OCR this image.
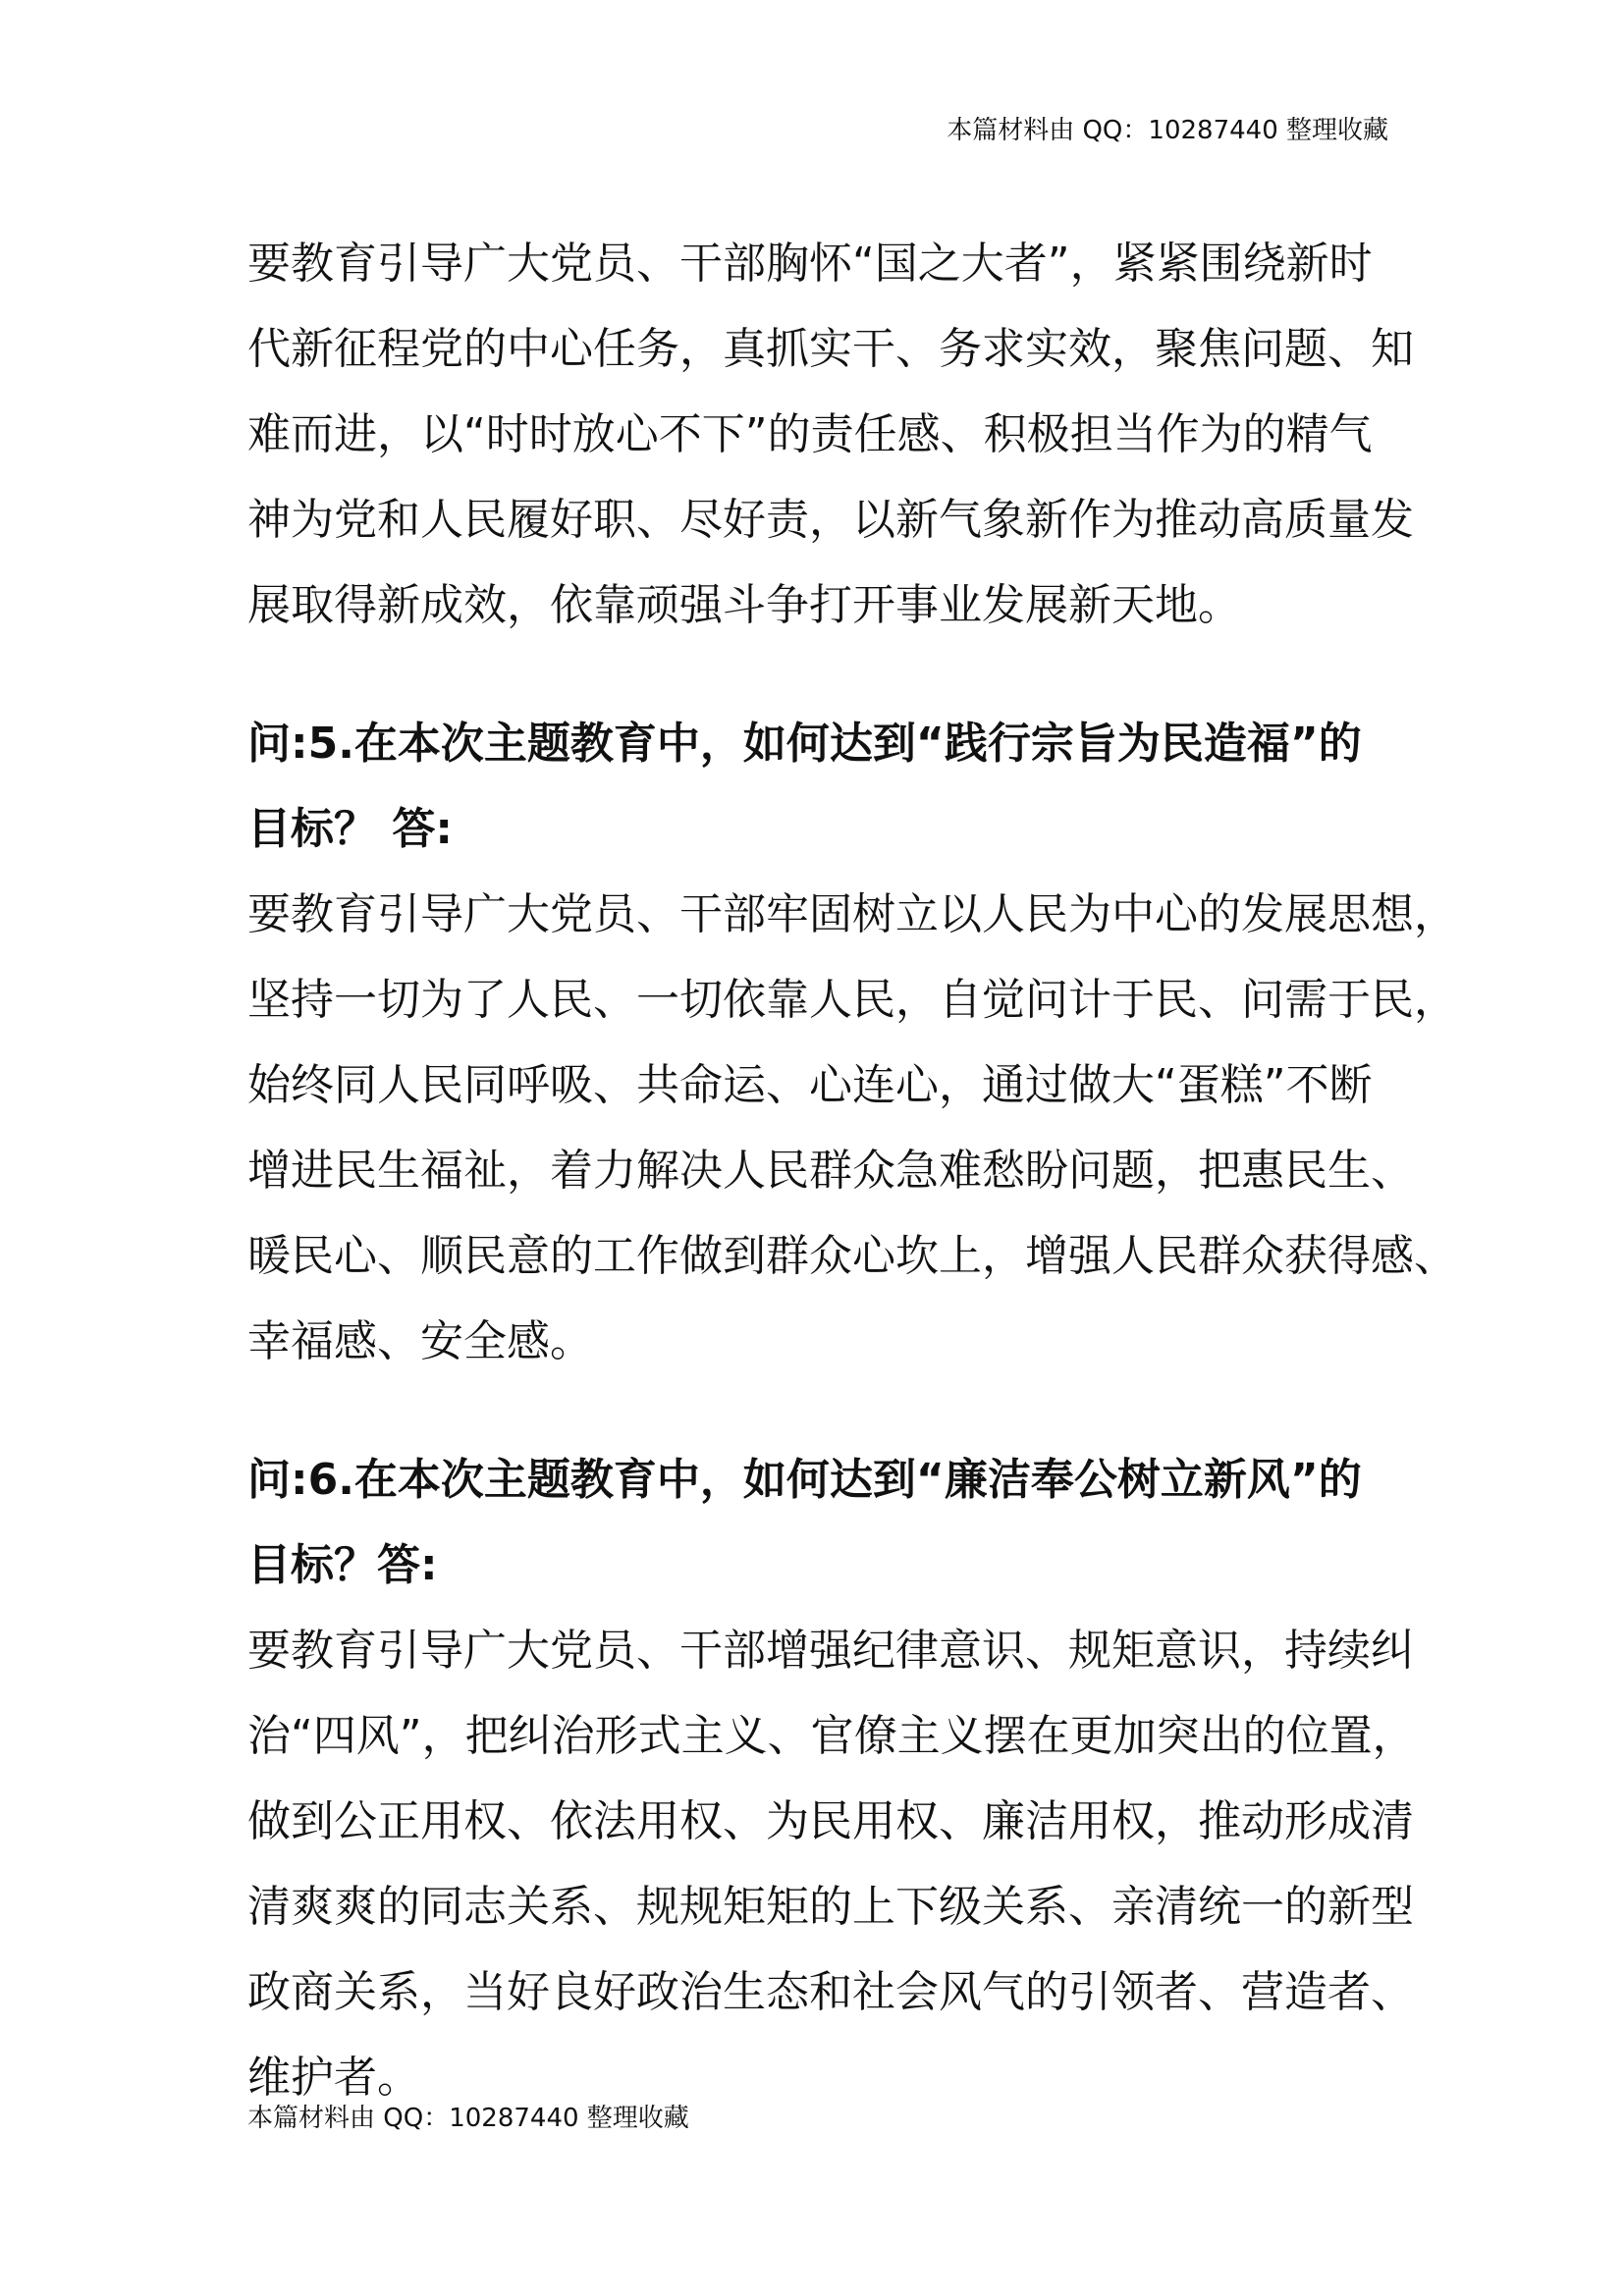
本篇材料由 QQ：10287440 整理收藏

要教育引导广大党员、干部胸怀“国之大者”，紧紧围绕新时

代新征程党的中心任务，真抓实干、务求实效，聚焦问题、知

难而进，以“时时放心不下”的责任感、积极担当作为的精气

神为党和人民履好职、尽好责，以新气象新作为推动高质量发

展取得新成效，依靠顽强斗争打开事业发展新天地。

问:5.在本次主题教育中，如何达到“践行宗旨为民造福”的

目标？ 答:

要教育引导广大党员、干部牢固树立以人民为中心的发展思想，

坚持一切为了人民、一切依靠人民，自觉问计于民、问需于民，

始终同人民同呼吸、共命运、心连心，通过做大“蛋糕”不断

增进民生福祉，着力解决人民群众急难愁盼问题，把惠民生、

暖民心、顺民意的工作做到群众心坎上，增强人民群众获得感、

幸福感、安全感。

问:6.在本次主题教育中，如何达到“廉洁奉公树立新风”的

目标？答:

要教育引导广大党员、干部增强纪律意识、规矩意识，持续纠

治“四风”，把纠治形式主义、官僚主义摆在更加突出的位置，

做到公正用权、依法用权、为民用权、廉洁用权，推动形成清

清爽爽的同志关系、规规矩矩的上下级关系、亲清统一的新型

政商关系，当好良好政治生态和社会风气的引领者、营造者、

维护者。

本篇材料由 QQ：10287440 整理收藏
